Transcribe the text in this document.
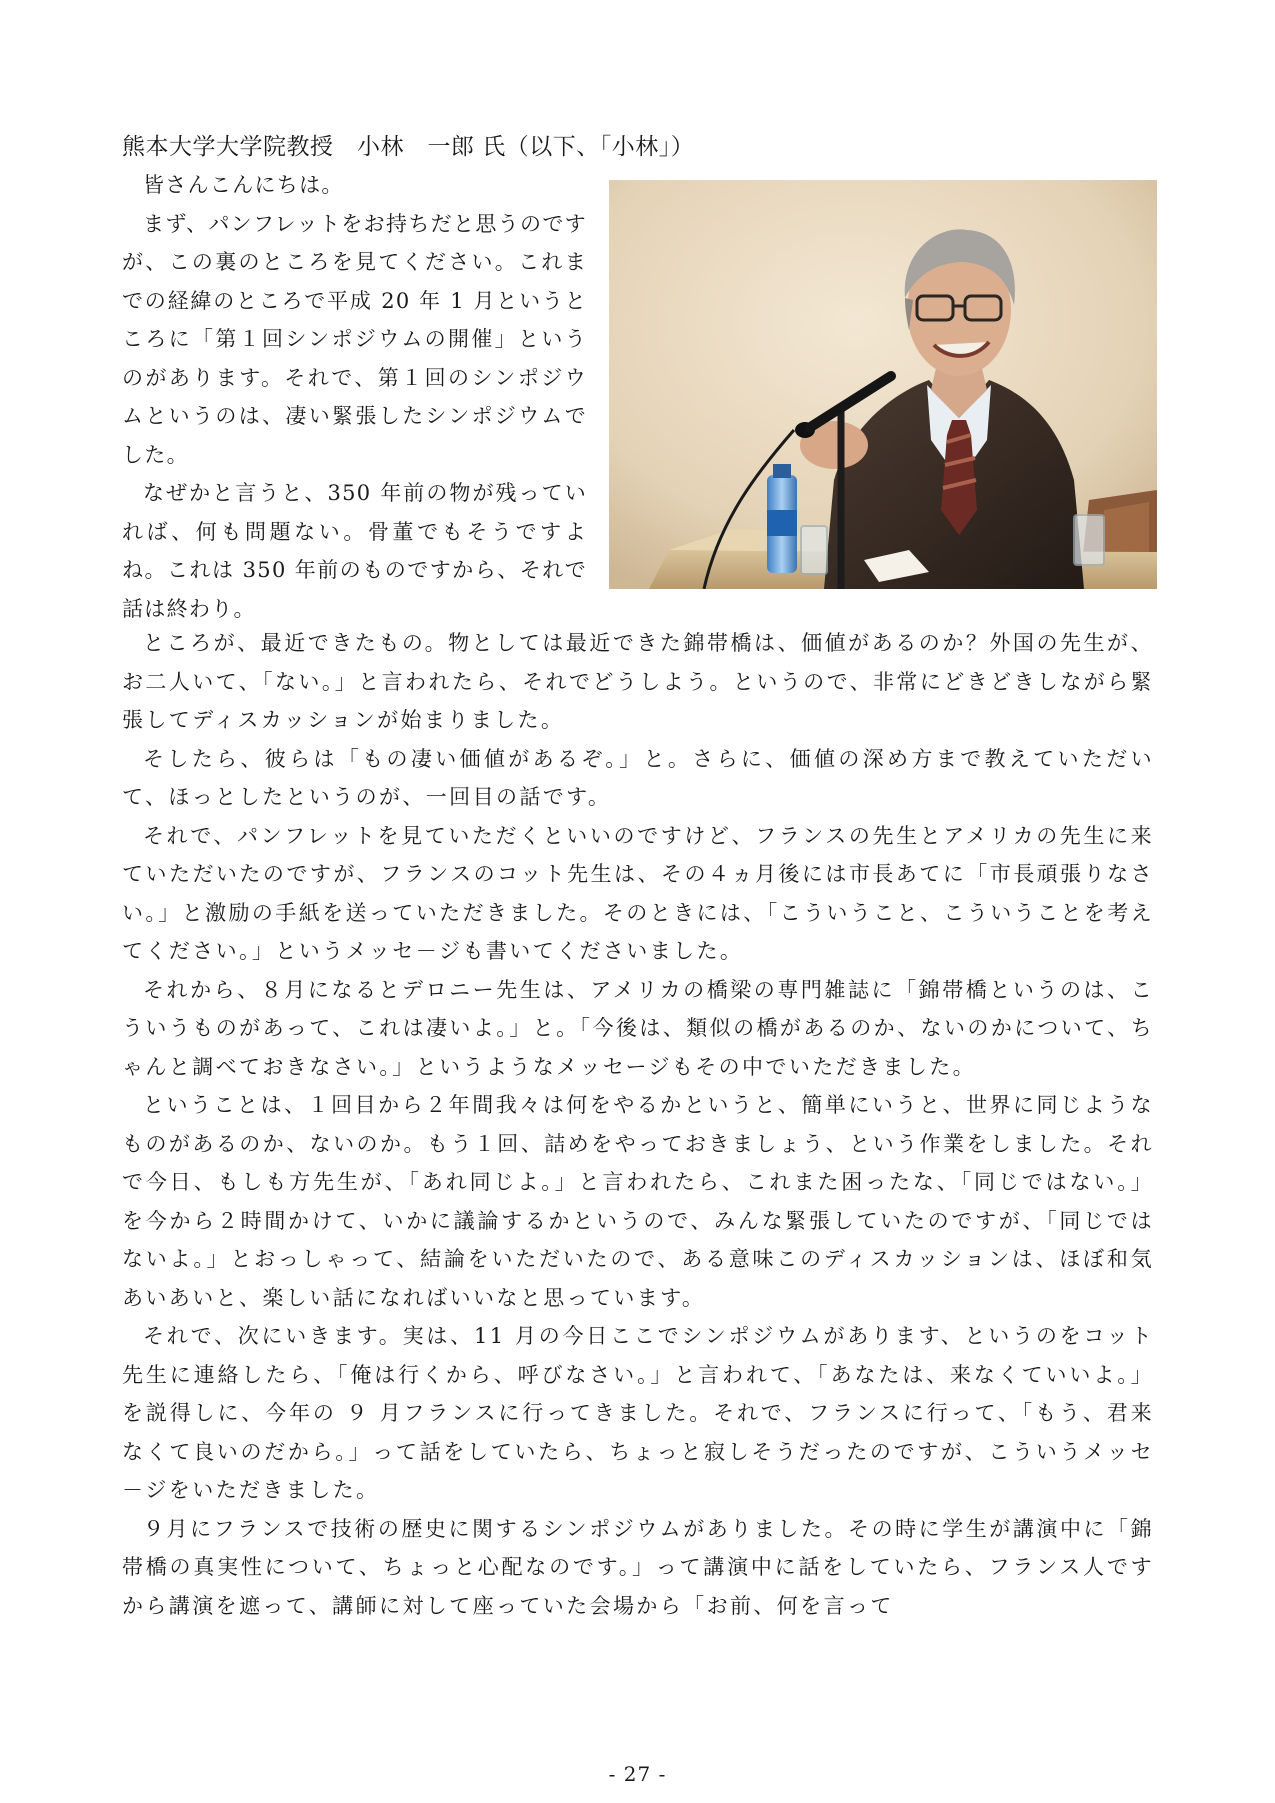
熊本大学大学院教授　小林　一郎 氏（以下、「小林」）

皆さんこんにちは。

まず、パンフレットをお持ちだと思うのですが、この裏のところを見てください。これまでの経緯のところで平成 20 年 1 月というところに「第１回シンポジウムの開催」というのがあります。それで、第１回のシンポジウムというのは、凄い緊張したシンポジウムでした。

なぜかと言うと、350 年前の物が残っていれば、何も問題ない。骨董でもそうですよね。これは 350 年前のものですから、それで話は終わり。

ところが、最近できたもの。物としては最近できた錦帯橋は、価値があるのか？外国の先生が、お二人いて、「ない。」と言われたら、それでどうしよう。というので、非常にどきどきしながら緊張してディスカッションが始まりました。

そしたら、彼らは「もの凄い価値があるぞ。」と。さらに、価値の深め方まで教えていただいて、ほっとしたというのが、一回目の話です。

それで、パンフレットを見ていただくといいのですけど、フランスの先生とアメリカの先生に来ていただいたのですが、フランスのコット先生は、その４ヵ月後には市長あてに「市長頑張りなさい。」と激励の手紙を送っていただきました。そのときには、「こういうこと、こういうことを考えてください。」というメッセ－ジも書いてくださいました。

それから、８月になるとデロニー先生は、アメリカの橋梁の専門雑誌に「錦帯橋というのは、こういうものがあって、これは凄いよ。」と。「今後は、類似の橋があるのか、ないのかについて、ちゃんと調べておきなさい。」というようなメッセージもその中でいただきました。

ということは、１回目から２年間我々は何をやるかというと、簡単にいうと、世界に同じようなものがあるのか、ないのか。もう１回、詰めをやっておきましょう、という作業をしました。それで今日、もしも方先生が、「あれ同じよ。」と言われたら、これまた困ったな、「同じではない。」を今から２時間かけて、いかに議論するかというので、みんな緊張していたのですが、「同じではないよ。」とおっしゃって、結論をいただいたので、ある意味このディスカッションは、ほぼ和気あいあいと、楽しい話になればいいなと思っています。

それで、次にいきます。実は、11 月の今日ここでシンポジウムがあります、というのをコット先生に連絡したら、「俺は行くから、呼びなさい。」と言われて、「あなたは、来なくていいよ。」を説得しに、今年の ９ 月フランスに行ってきました。それで、フランスに行って、「もう、君来なくて良いのだから。」って話をしていたら、ちょっと寂しそうだったのですが、こういうメッセ－ジをいただきました。

９月にフランスで技術の歴史に関するシンポジウムがありました。その時に学生が講演中に「錦帯橋の真実性について、ちょっと心配なのです。」って講演中に話をしていたら、フランス人ですから講演を遮って、講師に対して座っていた会場から「お前、何を言って

- 27 -
